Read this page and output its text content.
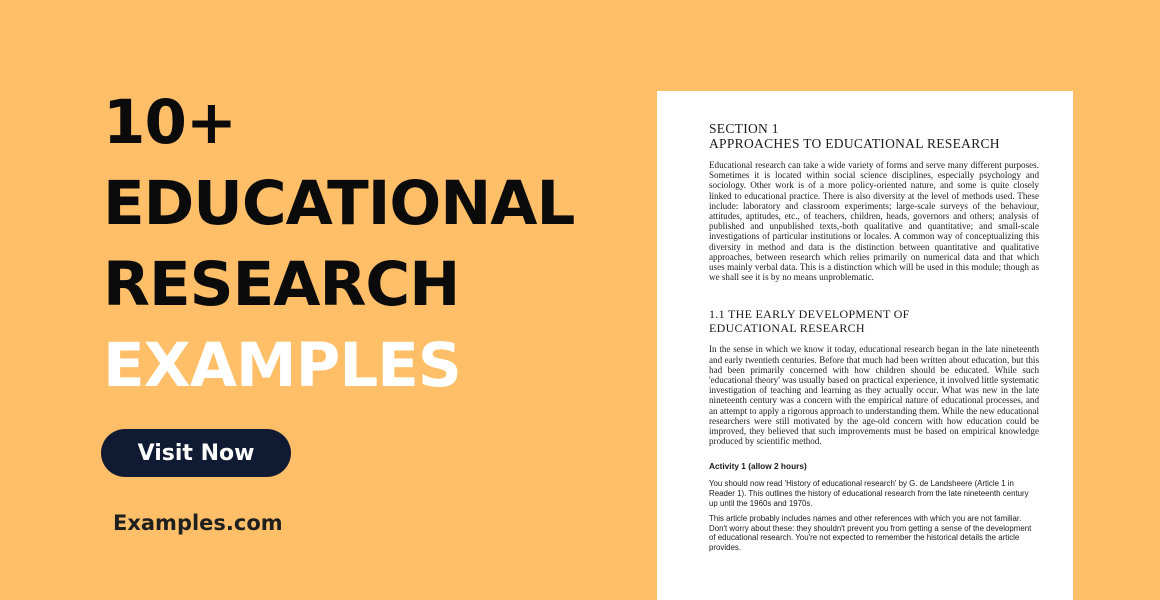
10+
EDUCATIONAL
RESEARCH
EXAMPLES
Visit Now
Examples.com
SECTION 1
APPROACHES TO EDUCATIONAL RESEARCH

Educational research can take a wide variety of forms and serve many different purposes. Sometimes it is located within social science disciplines, especially psychology and sociology. Other work is of a more policy-oriented nature, and some is quite closely linked to educational practice. There is also diversity at the level of methods used. These include: laboratory and classroom experiments; large-scale surveys of the behaviour, attitudes, aptitudes, etc., of teachers, children, heads, governors and others; analysis of published and unpublished texts,-both qualitative and quantitative; and small-scale investigations of particular institutions or locales. A common way of conceptualizing this diversity in method and data is the distinction between quantitative and qualitative approaches, between research which relies primarily on numerical data and that which uses mainly verbal data. This is a distinction which will be used in this module; though as we shall see it is by no means unproblematic.

1.1 THE EARLY DEVELOPMENT OF
EDUCATIONAL RESEARCH

In the sense in which we know it today, educational research began in the late nineteenth and early twentieth centuries. Before that much had been written about education, but this had been primarily concerned with how children should be educated. While such 'educational theory' was usually based on practical experience, it involved little systematic investigation of teaching and learning as they actually occur. What was new in the late nineteenth century was a concern with the empirical nature of educational processes, and an attempt to apply a rigorous approach to understanding them. While the new educational researchers were still motivated by the age-old concern with how education could be improved, they believed that such improvements must be based on empirical knowledge produced by scientific method.

Activity 1 (allow 2 hours)

You should now read 'History of educational research' by G. de Landsheere (Article 1 in Reader 1). This outlines the history of educational research from the late nineteenth century up until the 1960s and 1970s.

This article probably includes names and other references with which you are not familiar. Don't worry about these: they shouldn't prevent you from getting a sense of the development of educational research. You're not expected to remember the historical details the article provides.
